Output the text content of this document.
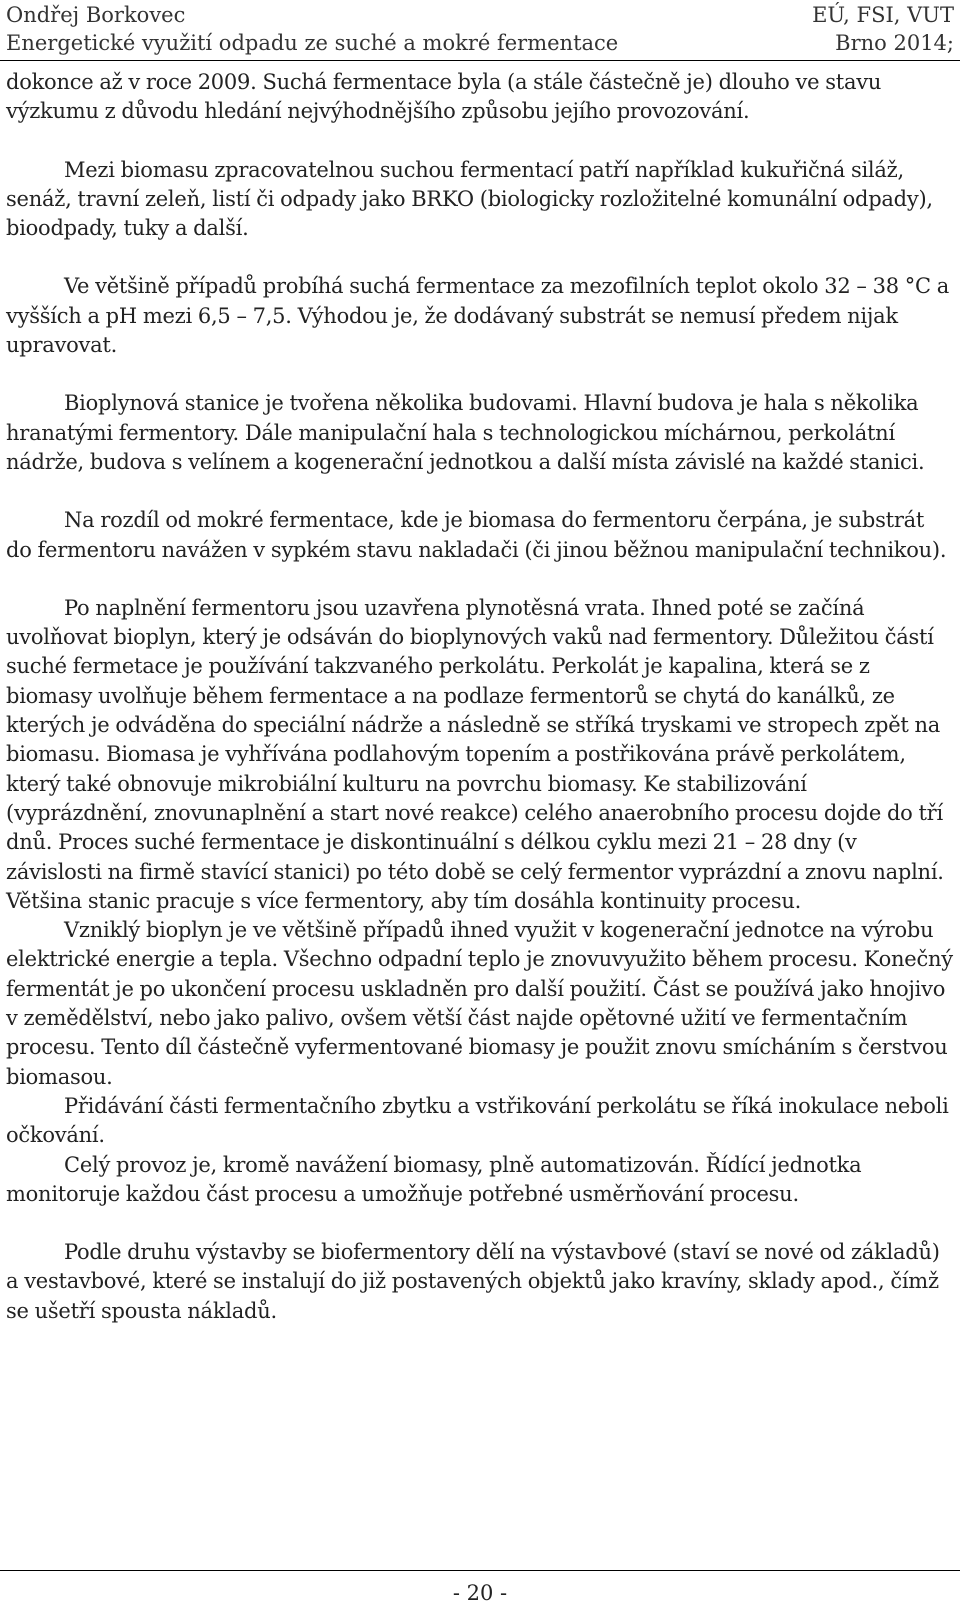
Ondřej Borkovec	EÚ, FSI, VUT
Energetické využití odpadu ze suché a mokré fermentace	Brno 2014;

dokonce až v roce 2009. Suchá fermentace byla (a stále částečně je) dlouho ve stavu výzkumu z důvodu hledání nejvýhodnějšího způsobu jejího provozování.

Mezi biomasu zpracovatelnou suchou fermentací patří například kukuřičná siláž, senáž, travní zeleň, listí či odpady jako BRKO (biologicky rozložitelné komunální odpady), bioodpady, tuky a další.

Ve většině případů probíhá suchá fermentace za mezofilních teplot okolo 32 – 38 °C a vyšších a pH mezi 6,5 – 7,5. Výhodou je, že dodávaný substrát se nemusí předem nijak upravovat.

Bioplynová stanice je tvořena několika budovami. Hlavní budova je hala s několika hranatými fermentory. Dále manipulační hala s technologickou míchárnou, perkolátní nádrže, budova s velínem a kogenerační jednotkou a další místa závislé na každé stanici.

Na rozdíl od mokré fermentace, kde je biomasa do fermentoru čerpána, je substrát do fermentoru navážen v sypkém stavu nakladači (či jinou běžnou manipulační technikou).

Po naplnění fermentoru jsou uzavřena plynotěsná vrata. Ihned poté se začíná uvolňovat bioplyn, který je odsáván do bioplynových vaků nad fermentory. Důležitou částí suché fermetace je používání takzvaného perkolátu. Perkolát je kapalina, která se z biomasy uvolňuje během fermentace a na podlaze fermentorů se chytá do kanálků, ze kterých je odváděna do speciální nádrže a následně se stříká tryskami ve stropech zpět na biomasu. Biomasa je vyhřívána podlahovým topením a postřikována právě perkolátem, který také obnovuje mikrobiální kulturu na povrchu biomasy. Ke stabilizování (vyprázdnění, znovunaplnění a start nové reakce) celého anaerobního procesu dojde do tří dnů. Proces suché fermentace je diskontinuální s délkou cyklu mezi 21 – 28 dny (v závislosti na firmě stavící stanici) po této době se celý fermentor vyprázdní a znovu naplní. Většina stanic pracuje s více fermentory, aby tím dosáhla kontinuity procesu.

Vzniklý bioplyn je ve většině případů ihned využit v kogenerační jednotce na výrobu elektrické energie a tepla. Všechno odpadní teplo je znovuvyužito během procesu. Konečný fermentát je po ukončení procesu uskladněn pro další použití. Část se používá jako hnojivo v zemědělství, nebo jako palivo, ovšem větší část najde opětovné užití ve fermentačním procesu. Tento díl částečně vyfermentované biomasy je použit znovu smícháním s čerstvou biomasou.

Přidávání části fermentačního zbytku a vstřikování perkolátu se říká inokulace neboli očkování.

Celý provoz je, kromě navážení biomasy, plně automatizován. Řídící jednotka monitoruje každou část procesu a umožňuje potřebné usměrňování procesu.

Podle druhu výstavby se biofermentory dělí na výstavbové (staví se nové od základů) a vestavbové, které se instalují do již postavených objektů jako kravíny, sklady apod., čímž se ušetří spousta nákladů.

- 20 -
